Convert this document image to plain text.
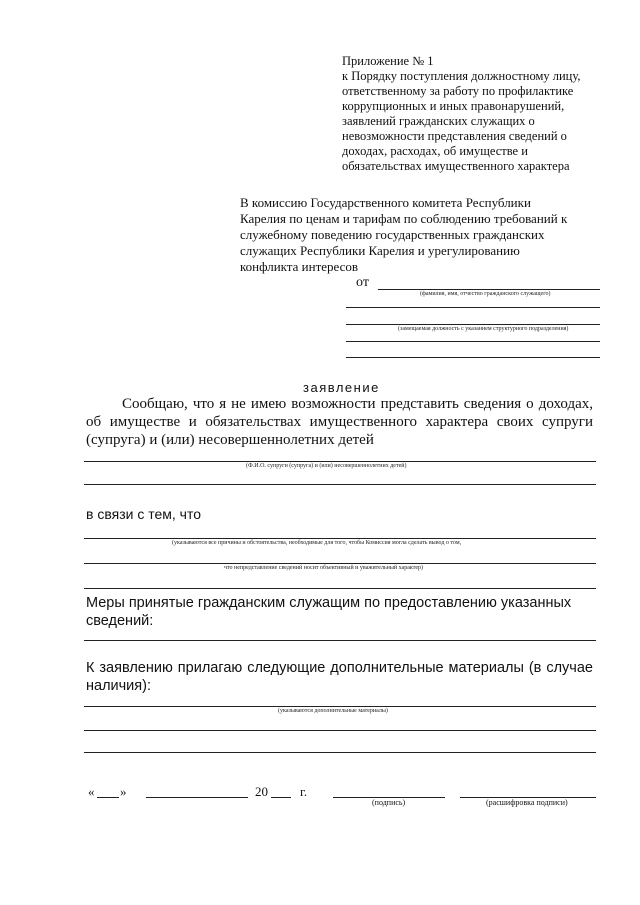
Приложение № 1
к Порядку поступления должностному лицу,
ответственному за работу по профилактике
коррупционных и иных правонарушений,
заявлений гражданских служащих о
невозможности представления сведений о
доходах, расходах, об имуществе и
обязательствах имущественного характера
В комиссию Государственного комитета Республики
Карелия по ценам и тарифам по соблюдению требований к
служебному поведению государственных гражданских
служащих Республики Карелия и урегулированию
конфликта интересов
от
(фамилия, имя, отчество гражданского служащего)
(замещаемая должность с указанием структурного подразделения)
заявление
Сообщаю, что я не имею возможности представить сведения о доходах,
об имуществе и обязательствах имущественного характера своих супруги
(супруга) и (или) несовершеннолетних детей
(Ф.И.О. супруги (супруга) и (или) несовершеннолетних детей)
в связи с тем, что
(указываются все причины и обстоятельства, необходимые для того, чтобы Комиссия могла сделать вывод о том,
что непредставление сведений носит объективный и уважительный характер)
Меры принятые гражданским служащим по предоставлению указанных
сведений:
К заявлению прилагаю следующие дополнительные материалы (в случае
наличия):
(указываются дополнительные материалы)
« »	20 г.
(подпись)	(расшифровка подписи)
